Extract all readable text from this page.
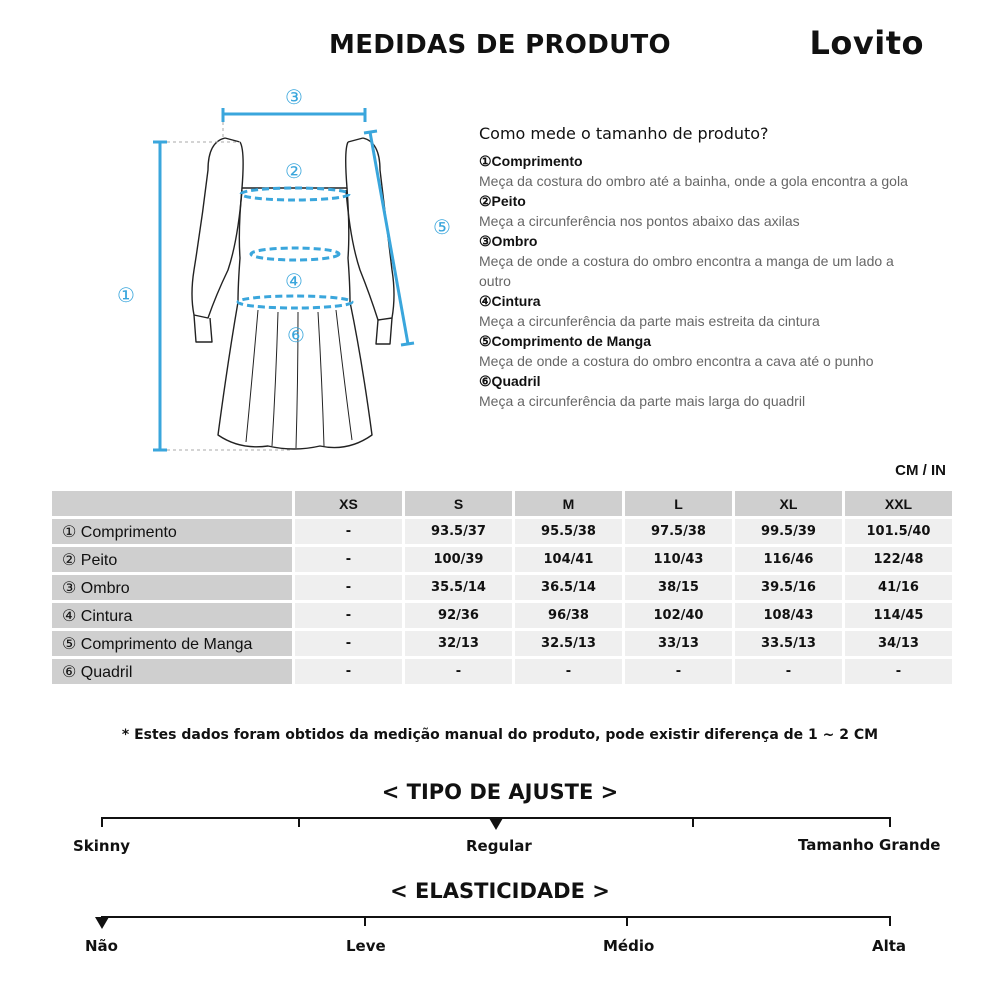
MEDIDAS DE PRODUTO	Lovito
①
②
③
④
⑤
⑥
Como mede o tamanho de produto?
①Comprimento
Meça da costura do ombro até a bainha, onde a gola encontra a gola
②Peito
Meça a circunferência nos pontos abaixo das axilas
③Ombro
Meça de onde a costura do ombro encontra a manga de um lado a outro
④Cintura
Meça a circunferência da parte mais estreita da cintura
⑤Comprimento de Manga
Meça de onde a costura do ombro encontra a cava até o punho
⑥Quadril
Meça a circunferência da parte mais larga do quadril
CM / IN
	XS	S	M	L	XL	XXL
① Comprimento	-	93.5/37	95.5/38	97.5/38	99.5/39	101.5/40
② Peito	-	100/39	104/41	110/43	116/46	122/48
③ Ombro	-	35.5/14	36.5/14	38/15	39.5/16	41/16
④ Cintura	-	92/36	96/38	102/40	108/43	114/45
⑤ Comprimento de Manga	-	32/13	32.5/13	33/13	33.5/13	34/13
⑥ Quadril	-	-	-	-	-	-
* Estes dados foram obtidos da medição manual do produto, pode existir diferença de 1 ~ 2 CM
< TIPO DE AJUSTE >
Skinny	Regular	Tamanho Grande
< ELASTICIDADE >
Não	Leve	Médio	Alta
